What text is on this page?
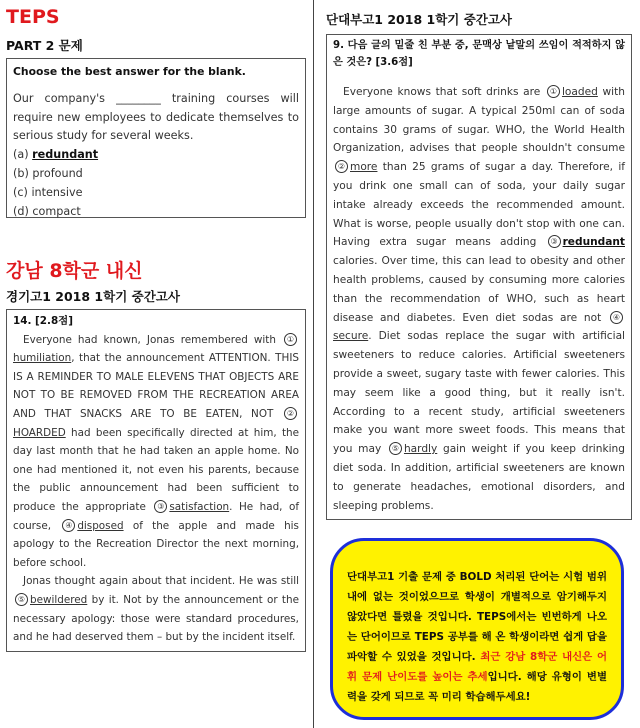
TEPS
PART 2 문제
Choose the best answer for the blank.
Our company's ________ training courses will require new employees to dedicate themselves to serious study for several weeks.
(a) redundant
(b) profound
(c) intensive
(d) compact
강남 8학군 내신
경기고1 2018 1학기 중간고사
14. [2.8점]
Everyone had known, Jonas remembered with ①humiliation, that the announcement ATTENTION. THIS IS A REMINDER TO MALE ELEVENS THAT OBJECTS ARE NOT TO BE REMOVED FROM THE RECREATION AREA AND THAT SNACKS ARE TO BE EATEN, NOT ②HOARDED had been specifically directed at him, the day last month that he had taken an apple home. No one had mentioned it, not even his parents, because the public announcement had been sufficient to produce the appropriate ③ satisfaction. He had, of course, ④ disposed of the apple and made his apology to the Recreation Director the next morning, before school.
Jonas thought again about that incident. He was still ⑤ bewildered by it. Not by the announcement or the necessary apology: those were standard procedures, and he had deserved them – but by the incident itself.
단대부고1 2018 1학기 중간고사
9. 다음 글의 밑줄 친 부분 중, 문맥상 낱말의 쓰임이 적적하지 않은 것은? [3.6점]
Everyone knows that soft drinks are ① loaded with large amounts of sugar. A typical 250ml can of soda contains 30 grams of sugar. WHO, the World Health Organization, advises that people shouldn't consume ② more than 25 grams of sugar a day. Therefore, if you drink one small can of soda, your daily sugar intake already exceeds the recommended amount. What is worse, people usually don't stop with one can. Having extra sugar means adding ③ redundant calories. Over time, this can lead to obesity and other health problems, caused by consuming more calories than the recommendation of WHO, such as heart disease and diabetes. Even diet sodas are not ④secure. Diet sodas replace the sugar with artificial sweeteners to reduce calories. Artificial sweeteners provide a sweet, sugary taste with fewer calories. This may seem like a good thing, but it really isn't. According to a recent study, artificial sweeteners make you want more sweet foods. This means that you may ⑤ hardly gain weight if you keep drinking diet soda. In addition, artificial sweeteners are known to generate headaches, emotional disorders, and sleeping problems.
단대부고1 기출 문제 중 BOLD 처리된 단어는 시험 범위 내에 없는 것이었으므로 학생이 개별적으로 암기해두지 않았다면 틀렸을 것입니다. TEPS에서는 빈번하게 나오는 단어이므로 TEPS 공부를 해 온 학생이라면 쉽게 답을 파악할 수 있었을 것입니다. 최근 강남 8학군 내신은 어휘 문제 난이도를 높이는 추세입니다. 해당 유형이 변별력을 갖게 되므로 꼭 미리 학습해두세요!
